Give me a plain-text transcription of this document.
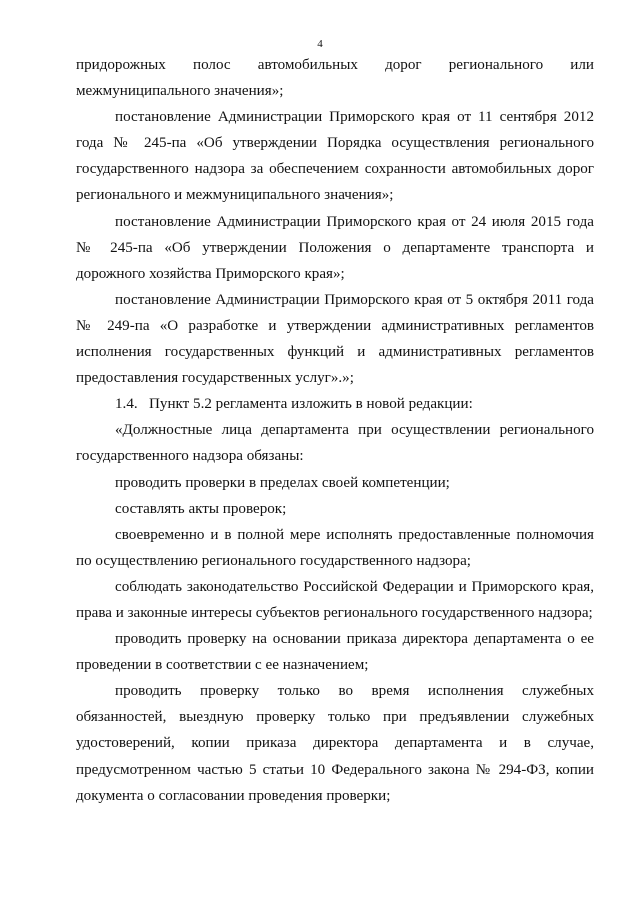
4

придорожных полос автомобильных дорог регионального или межмуниципального значения»;

постановление Администрации Приморского края от 11 сентября 2012 года № 245-па «Об утверждении Порядка осуществления регионального государственного надзора за обеспечением сохранности автомобильных дорог регионального и межмуниципального значения»;

постановление Администрации Приморского края от 24 июля 2015 года № 245-па «Об утверждении Положения о департаменте транспорта и дорожного хозяйства Приморского края»;

постановление Администрации Приморского края от 5 октября 2011 года № 249-па «О разработке и утверждении административных регламентов исполнения государственных функций и административных регламентов предоставления государственных услуг».»;

1.4. Пункт 5.2 регламента изложить в новой редакции:

«Должностные лица департамента при осуществлении регионального государственного надзора обязаны:

проводить проверки в пределах своей компетенции;

составлять акты проверок;

своевременно и в полной мере исполнять предоставленные полномочия по осуществлению регионального государственного надзора;

соблюдать законодательство Российской Федерации и Приморского края, права и законные интересы субъектов регионального государственного надзора;

проводить проверку на основании приказа директора департамента о ее проведении в соответствии с ее назначением;

проводить проверку только во время исполнения служебных обязанностей, выездную проверку только при предъявлении служебных удостоверений, копии приказа директора департамента и в случае, предусмотренном частью 5 статьи 10 Федерального закона № 294-ФЗ, копии документа о согласовании проведения проверки;
